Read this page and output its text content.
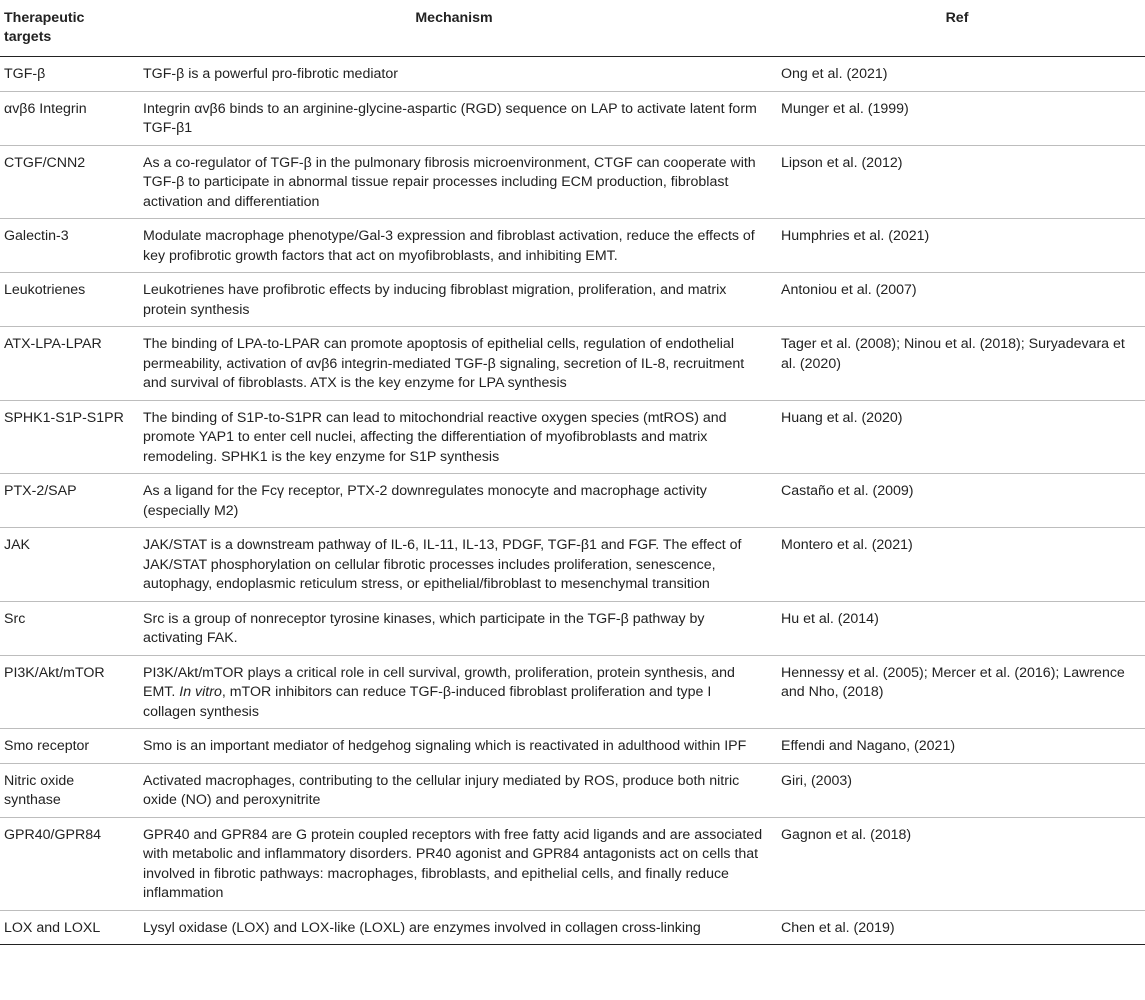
Therapeutic targets	Mechanism	Ref
TGF-β	TGF-β is a powerful pro-fibrotic mediator	Ong et al. (2021)
αvβ6 Integrin	Integrin αvβ6 binds to an arginine-glycine-aspartic (RGD) sequence on LAP to activate latent form TGF-β1	Munger et al. (1999)
CTGF/CNN2	As a co-regulator of TGF-β in the pulmonary fibrosis microenvironment, CTGF can cooperate with TGF-β to participate in abnormal tissue repair processes including ECM production, fibroblast activation and differentiation	Lipson et al. (2012)
Galectin-3	Modulate macrophage phenotype/Gal-3 expression and fibroblast activation, reduce the effects of key profibrotic growth factors that act on myofibroblasts, and inhibiting EMT.	Humphries et al. (2021)
Leukotrienes	Leukotrienes have profibrotic effects by inducing fibroblast migration, proliferation, and matrix protein synthesis	Antoniou et al. (2007)
ATX-LPA-LPAR	The binding of LPA-to-LPAR can promote apoptosis of epithelial cells, regulation of endothelial permeability, activation of αvβ6 integrin-mediated TGF-β signaling, secretion of IL-8, recruitment and survival of fibroblasts. ATX is the key enzyme for LPA synthesis	Tager et al. (2008); Ninou et al. (2018); Suryadevara et al. (2020)
SPHK1-S1P-S1PR	The binding of S1P-to-S1PR can lead to mitochondrial reactive oxygen species (mtROS) and promote YAP1 to enter cell nuclei, affecting the differentiation of myofibroblasts and matrix remodeling. SPHK1 is the key enzyme for S1P synthesis	Huang et al. (2020)
PTX-2/SAP	As a ligand for the Fcγ receptor, PTX-2 downregulates monocyte and macrophage activity (especially M2)	Castaño et al. (2009)
JAK	JAK/STAT is a downstream pathway of IL-6, IL-11, IL-13, PDGF, TGF-β1 and FGF. The effect of JAK/STAT phosphorylation on cellular fibrotic processes includes proliferation, senescence, autophagy, endoplasmic reticulum stress, or epithelial/fibroblast to mesenchymal transition	Montero et al. (2021)
Src	Src is a group of nonreceptor tyrosine kinases, which participate in the TGF-β pathway by activating FAK.	Hu et al. (2014)
PI3K/Akt/mTOR	PI3K/Akt/mTOR plays a critical role in cell survival, growth, proliferation, protein synthesis, and EMT. In vitro, mTOR inhibitors can reduce TGF-β-induced fibroblast proliferation and type I collagen synthesis	Hennessy et al. (2005); Mercer et al. (2016); Lawrence and Nho, (2018)
Smo receptor	Smo is an important mediator of hedgehog signaling which is reactivated in adulthood within IPF	Effendi and Nagano, (2021)
Nitric oxide synthase	Activated macrophages, contributing to the cellular injury mediated by ROS, produce both nitric oxide (NO) and peroxynitrite	Giri, (2003)
GPR40/GPR84	GPR40 and GPR84 are G protein coupled receptors with free fatty acid ligands and are associated with metabolic and inflammatory disorders. PR40 agonist and GPR84 antagonists act on cells that involved in fibrotic pathways: macrophages, fibroblasts, and epithelial cells, and finally reduce inflammation	Gagnon et al. (2018)
LOX and LOXL	Lysyl oxidase (LOX) and LOX-like (LOXL) are enzymes involved in collagen cross-linking	Chen et al. (2019)
